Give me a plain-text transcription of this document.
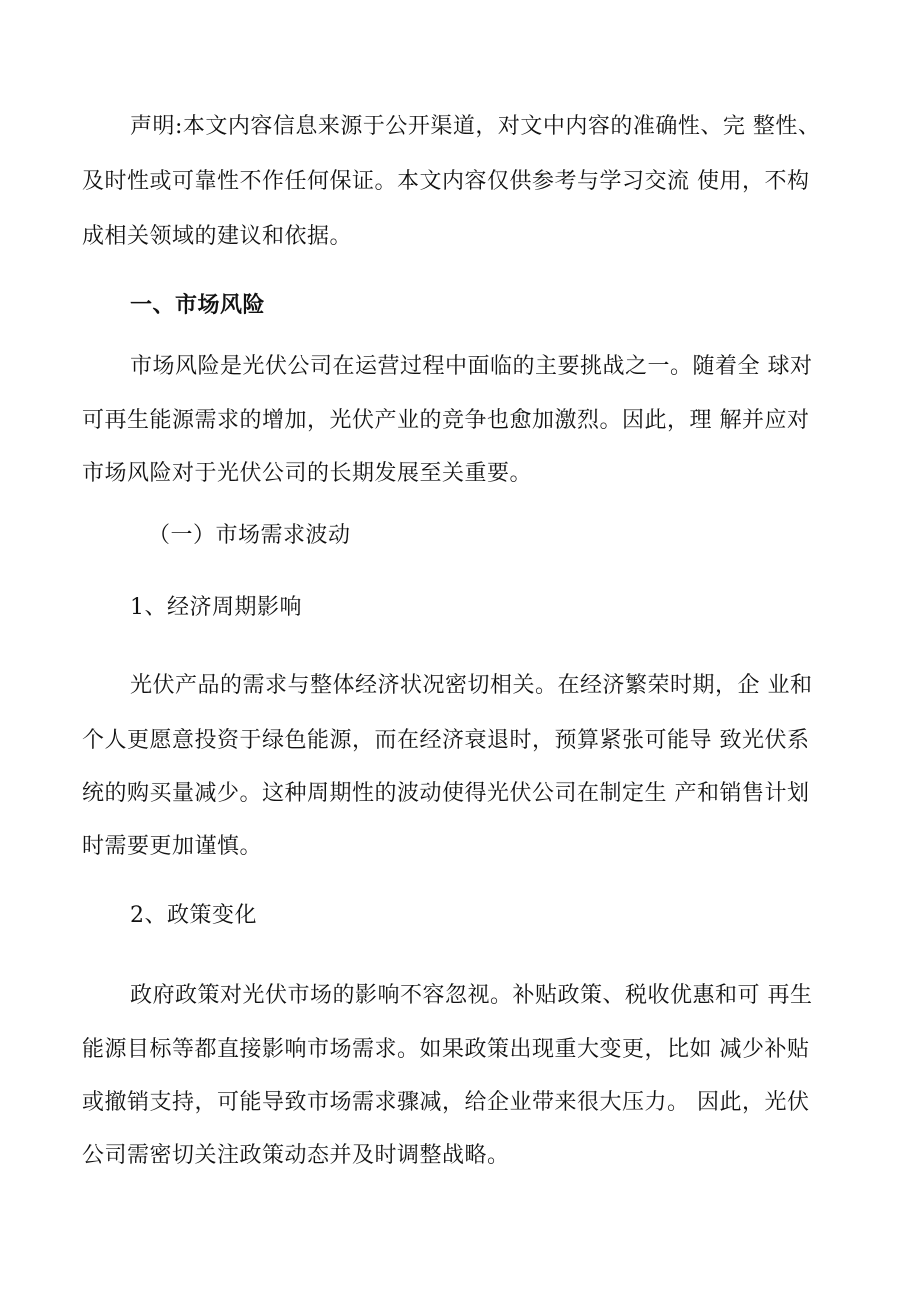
声明:本文内容信息来源于公开渠道，对文中内容的准确性、完 整性、
及时性或可靠性不作任何保证。本文内容仅供参考与学习交流 使用，不构
成相关领域的建议和依据。
一、市场风险
市场风险是光伏公司在运营过程中面临的主要挑战之一。随着全 球对
可再生能源需求的增加，光伏产业的竞争也愈加激烈。因此，理 解并应对
市场风险对于光伏公司的长期发展至关重要。
（一）市场需求波动
1、经济周期影响
光伏产品的需求与整体经济状况密切相关。在经济繁荣时期，企 业和
个人更愿意投资于绿色能源，而在经济衰退时，预算紧张可能导 致光伏系
统的购买量减少。这种周期性的波动使得光伏公司在制定生 产和销售计划
时需要更加谨慎。
2、政策变化
政府政策对光伏市场的影响不容忽视。补贴政策、税收优惠和可 再生
能源目标等都直接影响市场需求。如果政策出现重大变更，比如 减少补贴
或撤销支持，可能导致市场需求骤减，给企业带来很大压力。 因此，光伏
公司需密切关注政策动态并及时调整战略。
